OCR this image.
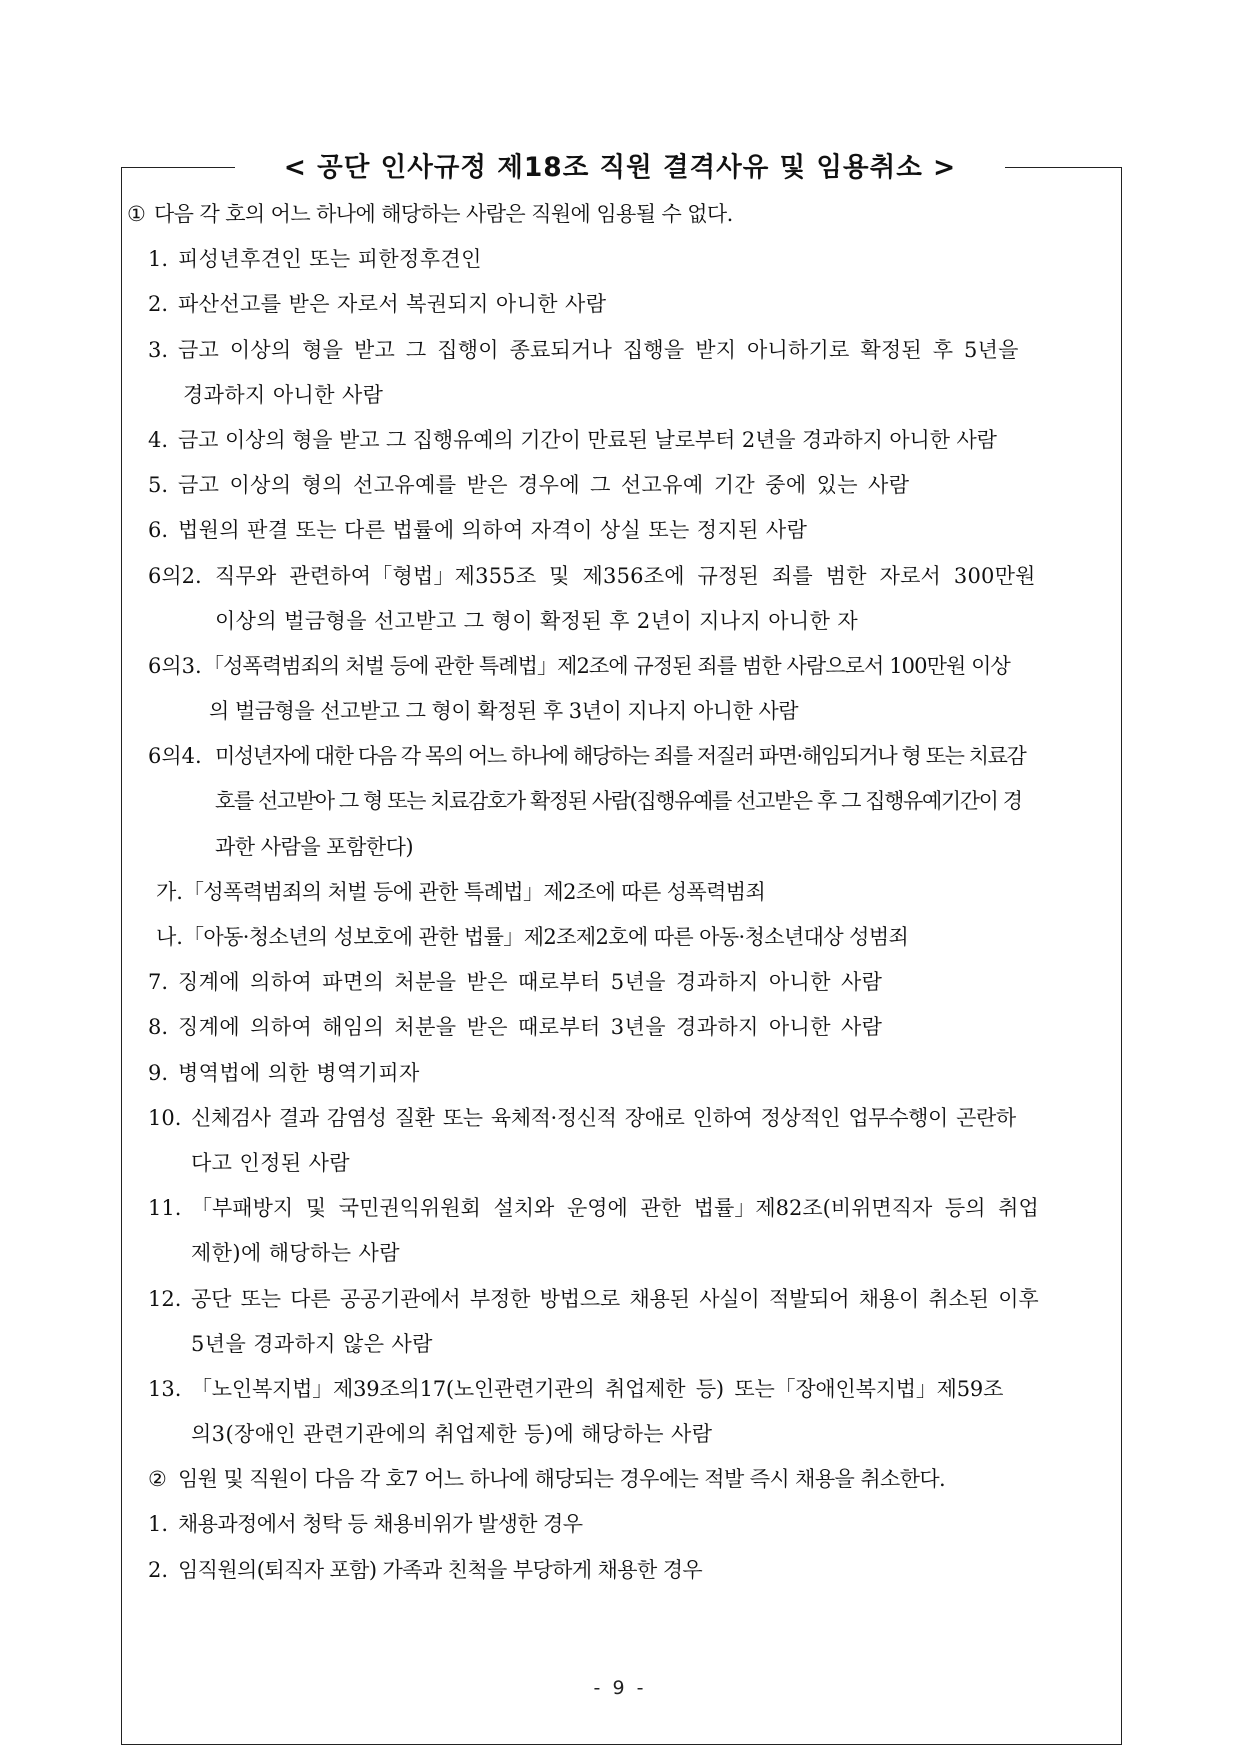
< 공단 인사규정 제18조 직원 결격사유 및 임용취소 >
① 다음 각 호의 어느 하나에 해당하는 사람은 직원에 임용될 수 없다.
1. 피성년후견인 또는 피한정후견인
2. 파산선고를 받은 자로서 복권되지 아니한 사람
3. 금고 이상의 형을 받고 그 집행이 종료되거나 집행을 받지 아니하기로 확정된 후 5년을
경과하지 아니한 사람
4. 금고 이상의 형을 받고 그 집행유예의 기간이 만료된 날로부터 2년을 경과하지 아니한 사람
5. 금고 이상의 형의 선고유예를 받은 경우에 그 선고유예 기간 중에 있는 사람
6. 법원의 판결 또는 다른 법률에 의하여 자격이 상실 또는 정지된 사람
6의2. 직무와 관련하여「형법」제355조 및 제356조에 규정된 죄를 범한 자로서 300만원
이상의 벌금형을 선고받고 그 형이 확정된 후 2년이 지나지 아니한 자
6의3. 「성폭력범죄의 처벌 등에 관한 특례법」제2조에 규정된 죄를 범한 사람으로서 100만원 이상
의 벌금형을 선고받고 그 형이 확정된 후 3년이 지나지 아니한 사람
6의4. 미성년자에 대한 다음 각 목의 어느 하나에 해당하는 죄를 저질러 파면·해임되거나 형 또는 치료감
호를 선고받아 그 형 또는 치료감호가 확정된 사람(집행유예를 선고받은 후 그 집행유예기간이 경
과한 사람을 포함한다)
가. 「성폭력범죄의 처벌 등에 관한 특례법」제2조에 따른 성폭력범죄
나. 「아동·청소년의 성보호에 관한 법률」제2조제2호에 따른 아동·청소년대상 성범죄
7. 징계에 의하여 파면의 처분을 받은 때로부터 5년을 경과하지 아니한 사람
8. 징계에 의하여 해임의 처분을 받은 때로부터 3년을 경과하지 아니한 사람
9. 병역법에 의한 병역기피자
10. 신체검사 결과 감염성 질환 또는 육체적·정신적 장애로 인하여 정상적인 업무수행이 곤란하
다고 인정된 사람
11. 「부패방지 및 국민권익위원회 설치와 운영에 관한 법률」제82조(비위면직자 등의 취업
제한)에 해당하는 사람
12. 공단 또는 다른 공공기관에서 부정한 방법으로 채용된 사실이 적발되어 채용이 취소된 이후
5년을 경과하지 않은 사람
13. 「노인복지법」제39조의17(노인관련기관의 취업제한 등) 또는「장애인복지법」제59조
의3(장애인 관련기관에의 취업제한 등)에 해당하는 사람
② 임원 및 직원이 다음 각 호7 어느 하나에 해당되는 경우에는 적발 즉시 채용을 취소한다.
1. 채용과정에서 청탁 등 채용비위가 발생한 경우
2. 임직원의(퇴직자 포함) 가족과 친척을 부당하게 채용한 경우
- 9 -
